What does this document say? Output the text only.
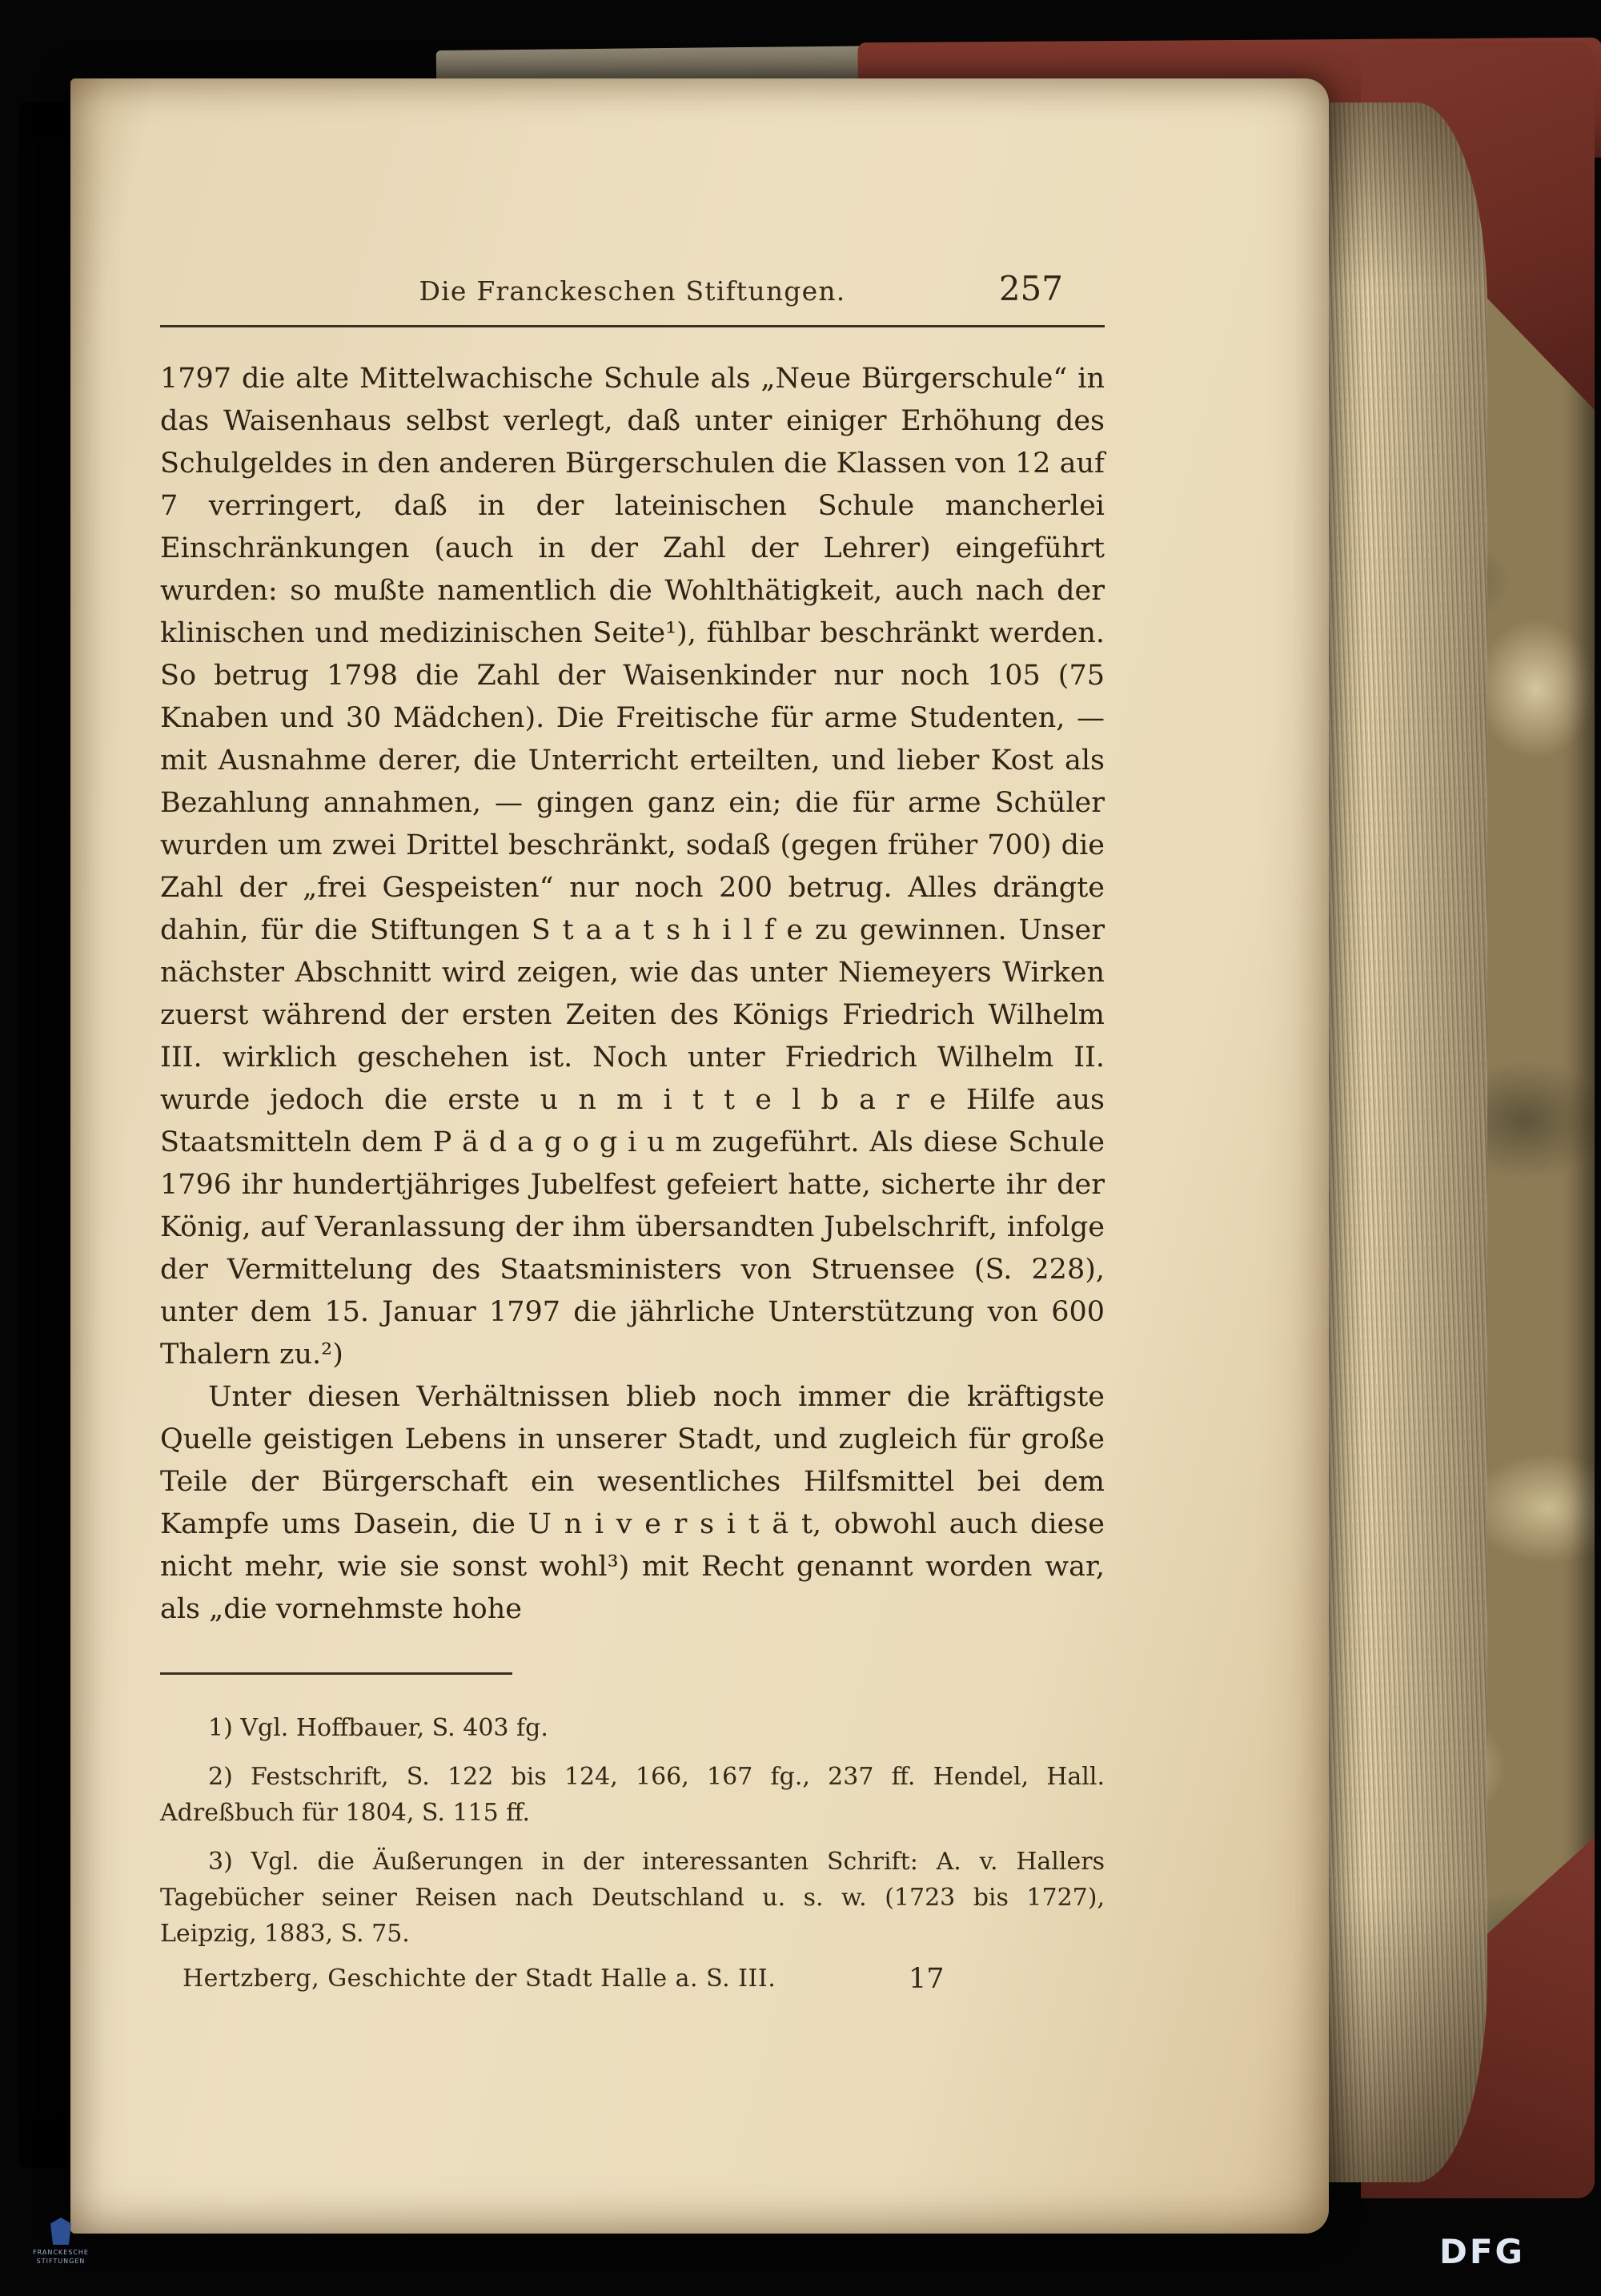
Die Franckeschen Stiftungen.	257

1797 die alte Mittelwachische Schule als „Neue Bürgerschule“ in das Waisenhaus selbst verlegt, daß unter einiger Erhöhung des Schulgeldes in den anderen Bürgerschulen die Klassen von 12 auf 7 verringert, daß in der lateinischen Schule mancherlei Einschränkungen (auch in der Zahl der Lehrer) eingeführt wurden: so mußte namentlich die Wohlthätigkeit, auch nach der klinischen und medizinischen Seite¹), fühlbar beschränkt werden. So betrug 1798 die Zahl der Waisenkinder nur noch 105 (75 Knaben und 30 Mädchen). Die Freitische für arme Studenten, — mit Ausnahme derer, die Unterricht erteilten, und lieber Kost als Bezahlung annahmen, — gingen ganz ein; die für arme Schüler wurden um zwei Drittel beschränkt, sodaß (gegen früher 700) die Zahl der „frei Gespeisten“ nur noch 200 betrug. Alles drängte dahin, für die Stiftungen S t a a t s h i l f e zu gewinnen. Unser nächster Abschnitt wird zeigen, wie das unter Niemeyers Wirken zuerst während der ersten Zeiten des Königs Friedrich Wilhelm III. wirklich geschehen ist. Noch unter Friedrich Wilhelm II. wurde jedoch die erste u n m i t t e l b a r e Hilfe aus Staatsmitteln dem P ä d a g o g i u m zugeführt. Als diese Schule 1796 ihr hundertjähriges Jubelfest gefeiert hatte, sicherte ihr der König, auf Veranlassung der ihm übersandten Jubelschrift, infolge der Vermittelung des Staatsministers von Struensee (S. 228), unter dem 15. Januar 1797 die jährliche Unterstützung von 600 Thalern zu.²)

Unter diesen Verhältnissen blieb noch immer die kräftigste Quelle geistigen Lebens in unserer Stadt, und zugleich für große Teile der Bürgerschaft ein wesentliches Hilfsmittel bei dem Kampfe ums Dasein, die U n i v e r s i t ä t, obwohl auch diese nicht mehr, wie sie sonst wohl³) mit Recht genannt worden war, als „die vornehmste hohe

1) Vgl. Hoffbauer, S. 403 fg.

2) Festschrift, S. 122 bis 124, 166, 167 fg., 237 ff. Hendel, Hall. Adreßbuch für 1804, S. 115 ff.

3) Vgl. die Äußerungen in der interessanten Schrift: A. v. Hallers Tagebücher seiner Reisen nach Deutschland u. s. w. (1723 bis 1727), Leipzig, 1883, S. 75.

Hertzberg, Geschichte der Stadt Halle a. S. III.	17
FRANCKESCHE
STIFTUNGEN	DFG
